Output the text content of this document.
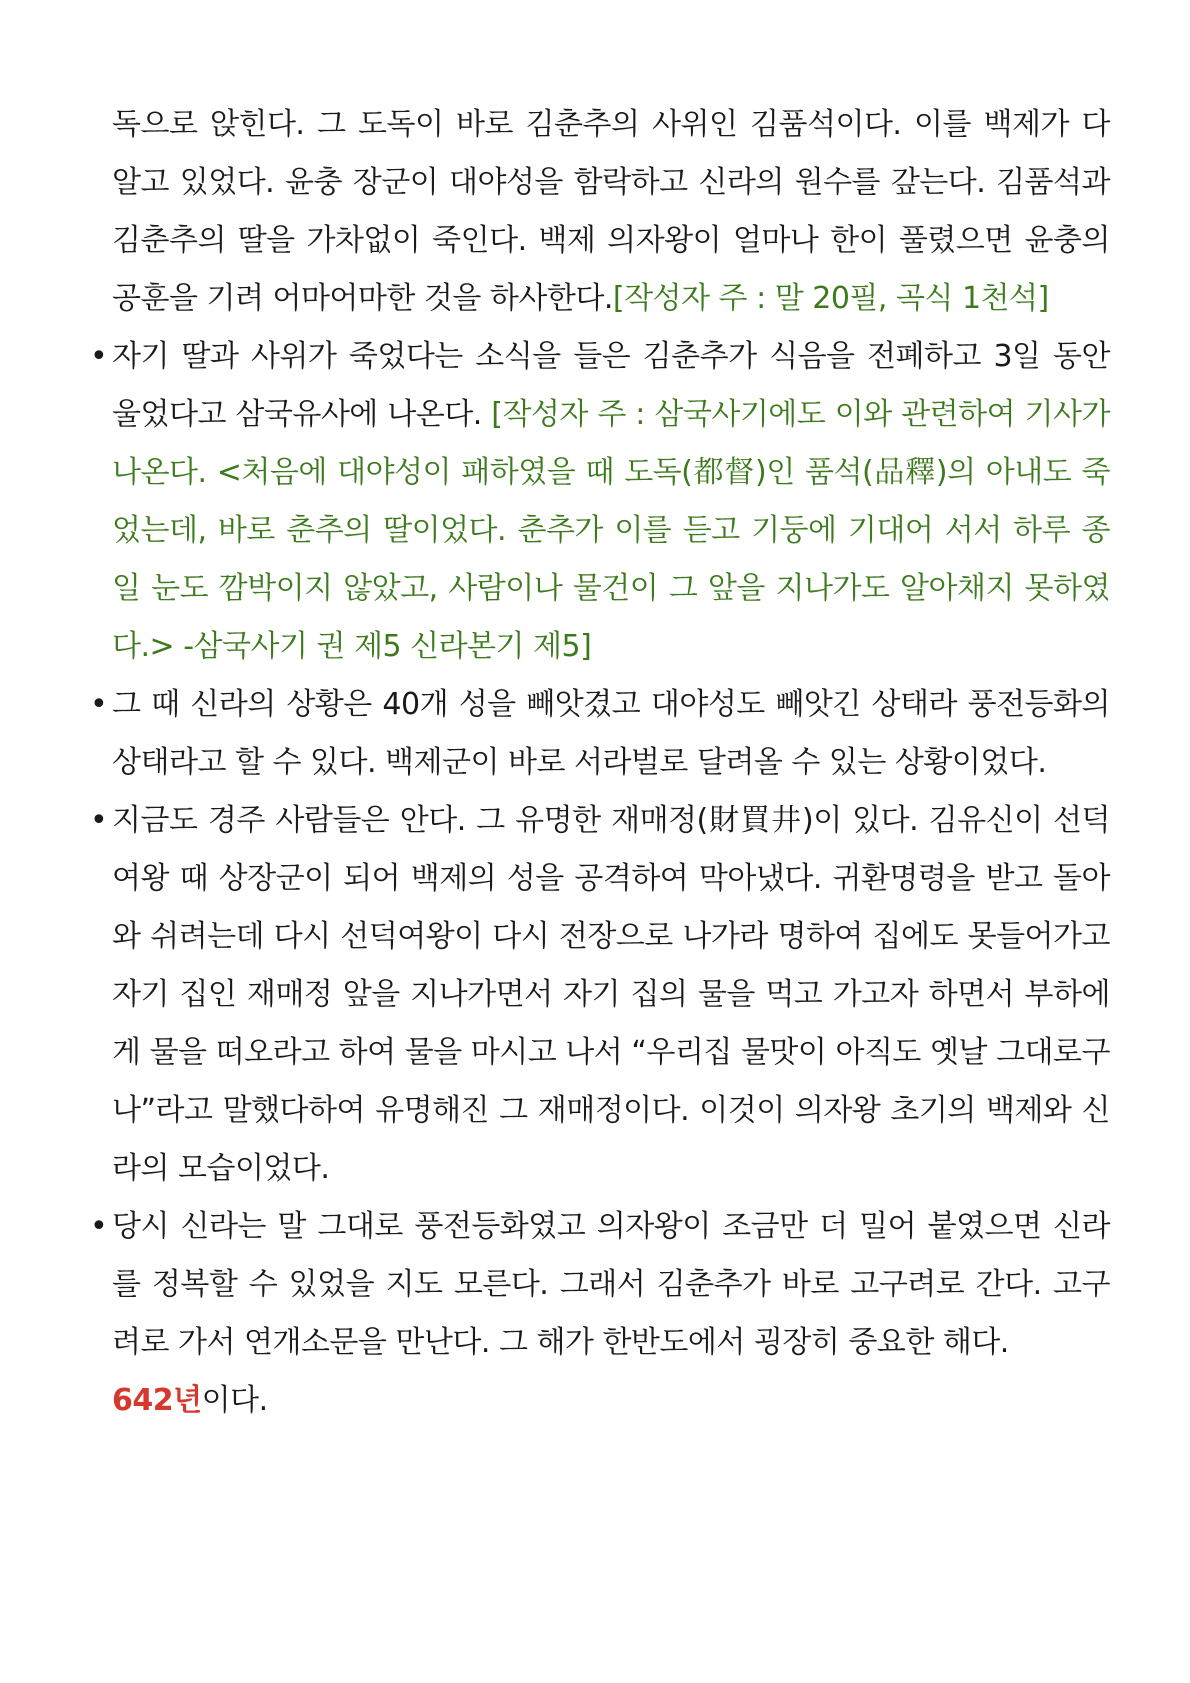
독으로 앉힌다. 그 도독이 바로 김춘추의 사위인 김품석이다. 이를 백제가 다 알고 있었다. 윤충 장군이 대야성을 함락하고 신라의 원수를 갚는다. 김품석과 김춘추의 딸을 가차없이 죽인다. 백제 의자왕이 얼마나 한이 풀렸으면 윤충의 공훈을 기려 어마어마한 것을 하사한다.[작성자 주 : 말 20필, 곡식 1천석]

• 자기 딸과 사위가 죽었다는 소식을 들은 김춘추가 식음을 전폐하고 3일 동안 울었다고 삼국유사에 나온다. [작성자 주 : 삼국사기에도 이와 관련하여 기사가 나온다. <처음에 대야성이 패하였을 때 도독(都督)인 품석(品釋)의 아내도 죽었는데, 바로 춘추의 딸이었다. 춘추가 이를 듣고 기둥에 기대어 서서 하루 종일 눈도 깜박이지 않았고, 사람이나 물건이 그 앞을 지나가도 알아채지 못하였다.> -삼국사기 권 제5 신라본기 제5]

• 그 때 신라의 상황은 40개 성을 빼앗겼고 대야성도 빼앗긴 상태라 풍전등화의 상태라고 할 수 있다. 백제군이 바로 서라벌로 달려올 수 있는 상황이었다.

• 지금도 경주 사람들은 안다. 그 유명한 재매정(財買井)이 있다. 김유신이 선덕여왕 때 상장군이 되어 백제의 성을 공격하여 막아냈다. 귀환명령을 받고 돌아와 쉬려는데 다시 선덕여왕이 다시 전장으로 나가라 명하여 집에도 못들어가고 자기 집인 재매정 앞을 지나가면서 자기 집의 물을 먹고 가고자 하면서 부하에게 물을 떠오라고 하여 물을 마시고 나서 “우리집 물맛이 아직도 옛날 그대로구나”라고 말했다하여 유명해진 그 재매정이다. 이것이 의자왕 초기의 백제와 신라의 모습이었다.

• 당시 신라는 말 그대로 풍전등화였고 의자왕이 조금만 더 밀어 붙였으면 신라를 정복할 수 있었을 지도 모른다. 그래서 김춘추가 바로 고구려로 간다. 고구려로 가서 연개소문을 만난다. 그 해가 한반도에서 굉장히 중요한 해다.
642년이다.
